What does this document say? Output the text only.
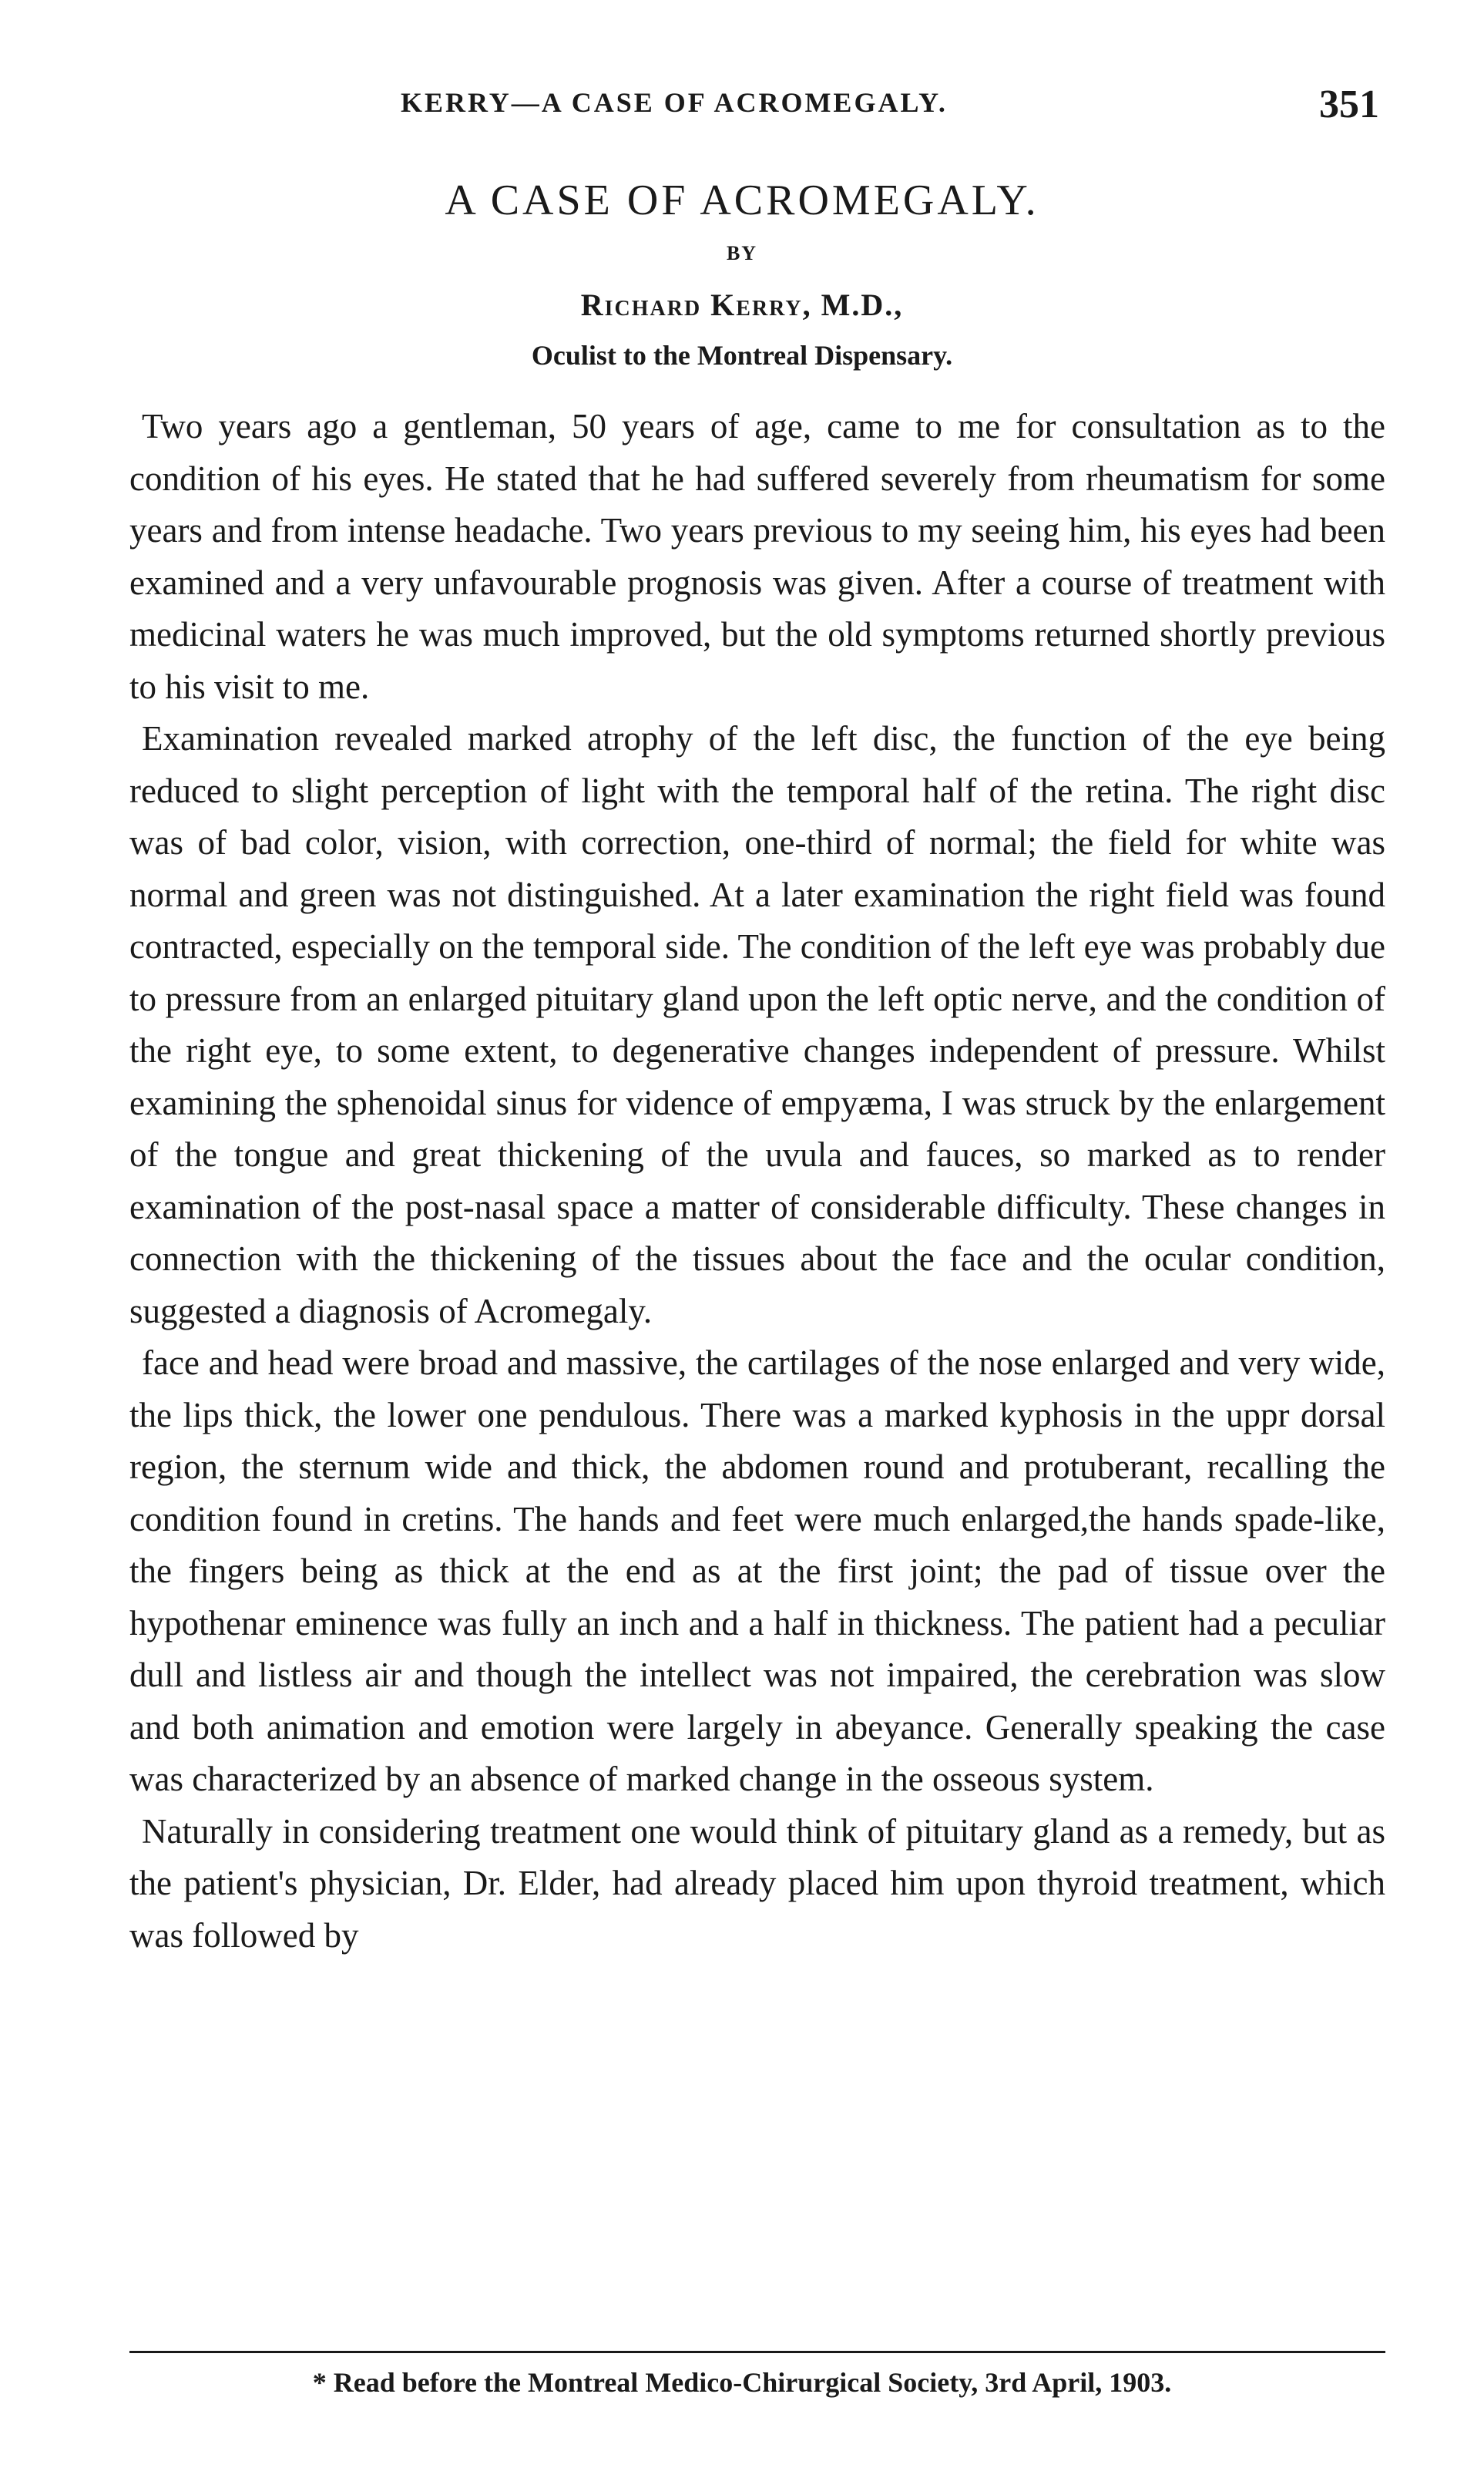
KERRY—A CASE OF ACROMEGALY.	351
A CASE OF ACROMEGALY.
BY
Richard Kerry, M.D.,
Oculist to the Montreal Dispensary.

Two years ago a gentleman, 50 years of age, came to me for consultation as to the condition of his eyes. He stated that he had suffered severely from rheumatism for some years and from intense headache. Two years previous to my seeing him, his eyes had been examined and a very unfavourable prognosis was given. After a course of treatment with medicinal waters he was much improved, but the old symptoms returned shortly previous to his visit to me.

Examination revealed marked atrophy of the left disc, the function of the eye being reduced to slight perception of light with the temporal half of the retina. The right disc was of bad color, vision, with correction, one-third of normal; the field for white was normal and green was not distinguished. At a later examination the right field was found contracted, especially on the temporal side. The condition of the left eye was probably due to pressure from an enlarged pituitary gland upon the left optic nerve, and the condition of the right eye, to some extent, to degenerative changes independent of pressure. Whilst examining the sphenoidal sinus for vidence of empyæma, I was struck by the enlargement of the tongue and great thickening of the uvula and fauces, so marked as to render examination of the post-nasal space a matter of considerable difficulty. These changes in connection with the thickening of the tissues about the face and the ocular condition, suggested a diagnosis of Acromegaly.

face and head were broad and massive, the cartilages of the nose enlarged and very wide, the lips thick, the lower one pendulous. There was a marked kyphosis in the uppr dorsal region, the sternum wide and thick, the abdomen round and protuberant, recalling the condition found in cretins. The hands and feet were much enlarged,the hands spade-like, the fingers being as thick at the end as at the first joint; the pad of tissue over the hypothenar eminence was fully an inch and a half in thickness. The patient had a peculiar dull and listless air and though the intellect was not impaired, the cerebration was slow and both animation and emotion were largely in abeyance. Generally speaking the case was characterized by an absence of marked change in the osseous system.

Naturally in considering treatment one would think of pituitary gland as a remedy, but as the patient's physician, Dr. Elder, had already placed him upon thyroid treatment, which was followed by

* Read before the Montreal Medico-Chirurgical Society, 3rd April, 1903.
